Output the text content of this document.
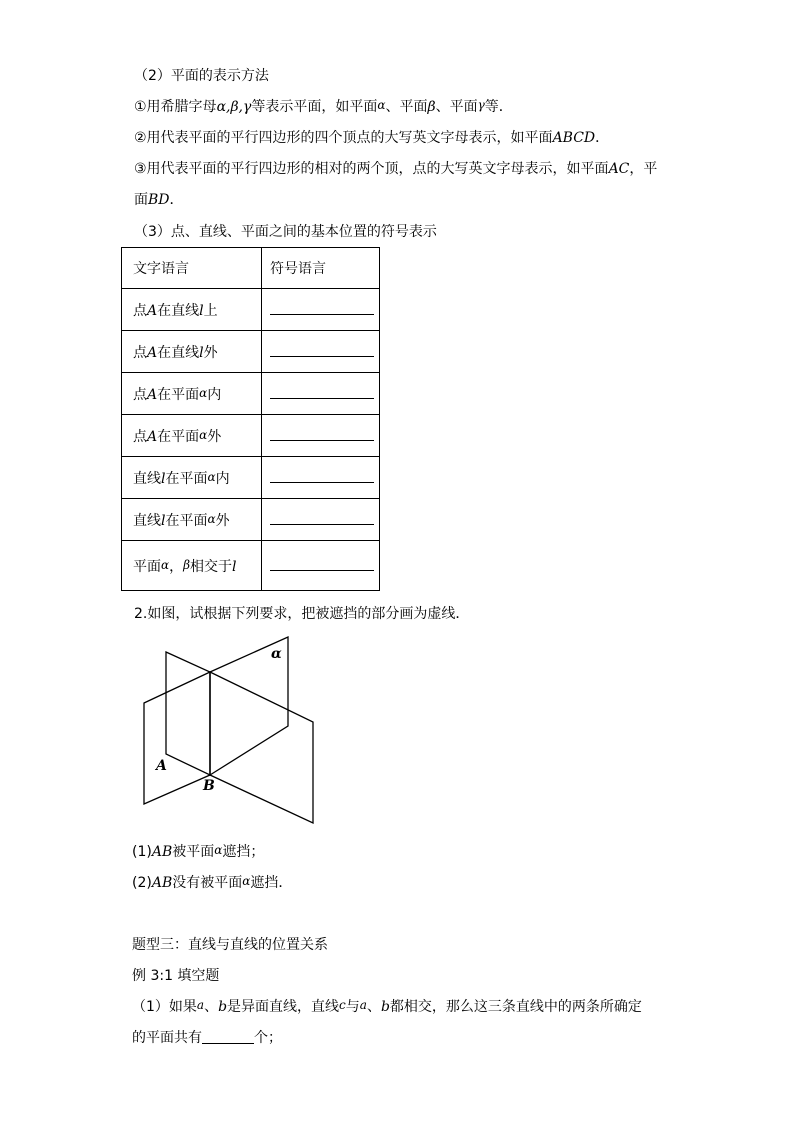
（2）平面的表示方法
①用希腊字母α,β,γ等表示平面，如平面α、平面β、平面γ等．
②用代表平面的平行四边形的四个顶点的大写英文字母表示，如平面ABCD．
③用代表平面的平行四边形的相对的两个顶，点的大写英文字母表示，如平面AC，平
面BD．
（3）点、直线、平面之间的基本位置的符号表示
文字语言	符号语言
点A在直线l上	
点A在直线l外	
点A在平面α内	
点A在平面α外	
直线l在平面α内	
直线l在平面α外	
平面α，β相交于l	
2.如图，试根据下列要求，把被遮挡的部分画为虚线．
α
A
B
(1)AB被平面α遮挡；
(2)AB没有被平面α遮挡．
题型三：直线与直线的位置关系
例 3:1 填空题
（1）如果a、b是异面直线，直线c与a、b都相交，那么这三条直线中的两条所确定
的平面共有	个；
